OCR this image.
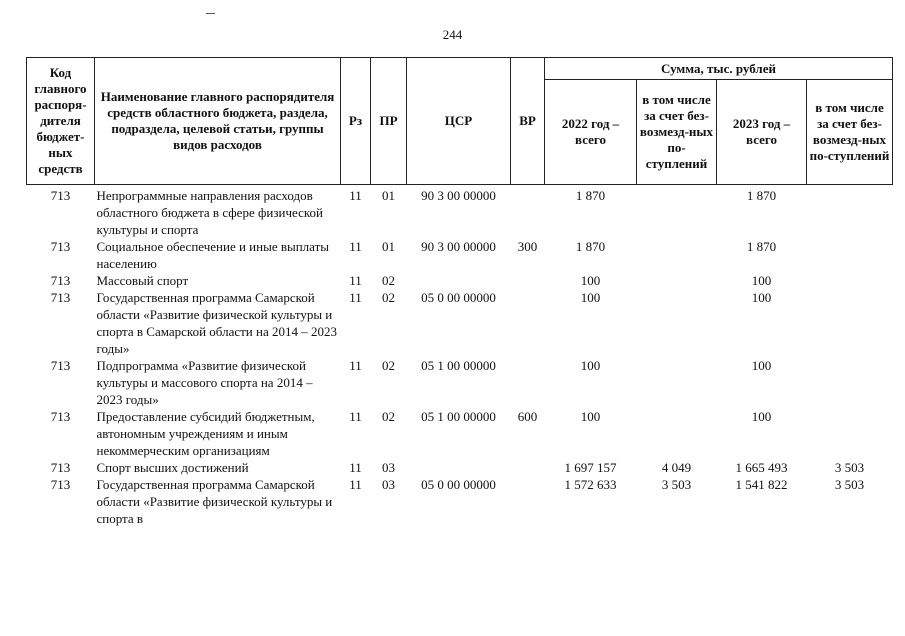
244
Код главного распоря-дителя бюджет-ных средств	Наименование главного распорядителя средств областного бюджета, раздела, подраздела, целевой статьи, группы видов расходов	Рз	ПР	ЦСР	ВР	Сумма, тыс. рублей			
						2022 год – всего	в том числе за счет без-возмезд-ных по-ступлений	2023 год – всего	в том числе за счет без-возмезд-ных по-ступлений

713	Непрограммные направления расходов областного бюджета в сфере физической культуры и спорта	11	01	90 3 00 00000		1 870		1 870	
713	Социальное обеспечение и иные выплаты населению	11	01	90 3 00 00000	300	1 870		1 870	
713	Массовый спорт	11	02			100		100	
713	Государственная программа Самарской области «Развитие физической культуры и спорта в Самарской области на 2014 – 2023 годы»	11	02	05 0 00 00000		100		100	
713	Подпрограмма «Развитие физической культуры и массового спорта на 2014 – 2023 годы»	11	02	05 1 00 00000		100		100	
713	Предоставление субсидий бюджетным, автономным учреждениям и иным некоммерческим организациям	11	02	05 1 00 00000	600	100		100	
713	Спорт высших достижений	11	03			1 697 157	4 049	1 665 493	3 503
713	Государственная программа Самарской области «Развитие физической культуры и спорта в	11	03	05 0 00 00000		1 572 633	3 503	1 541 822	3 503
